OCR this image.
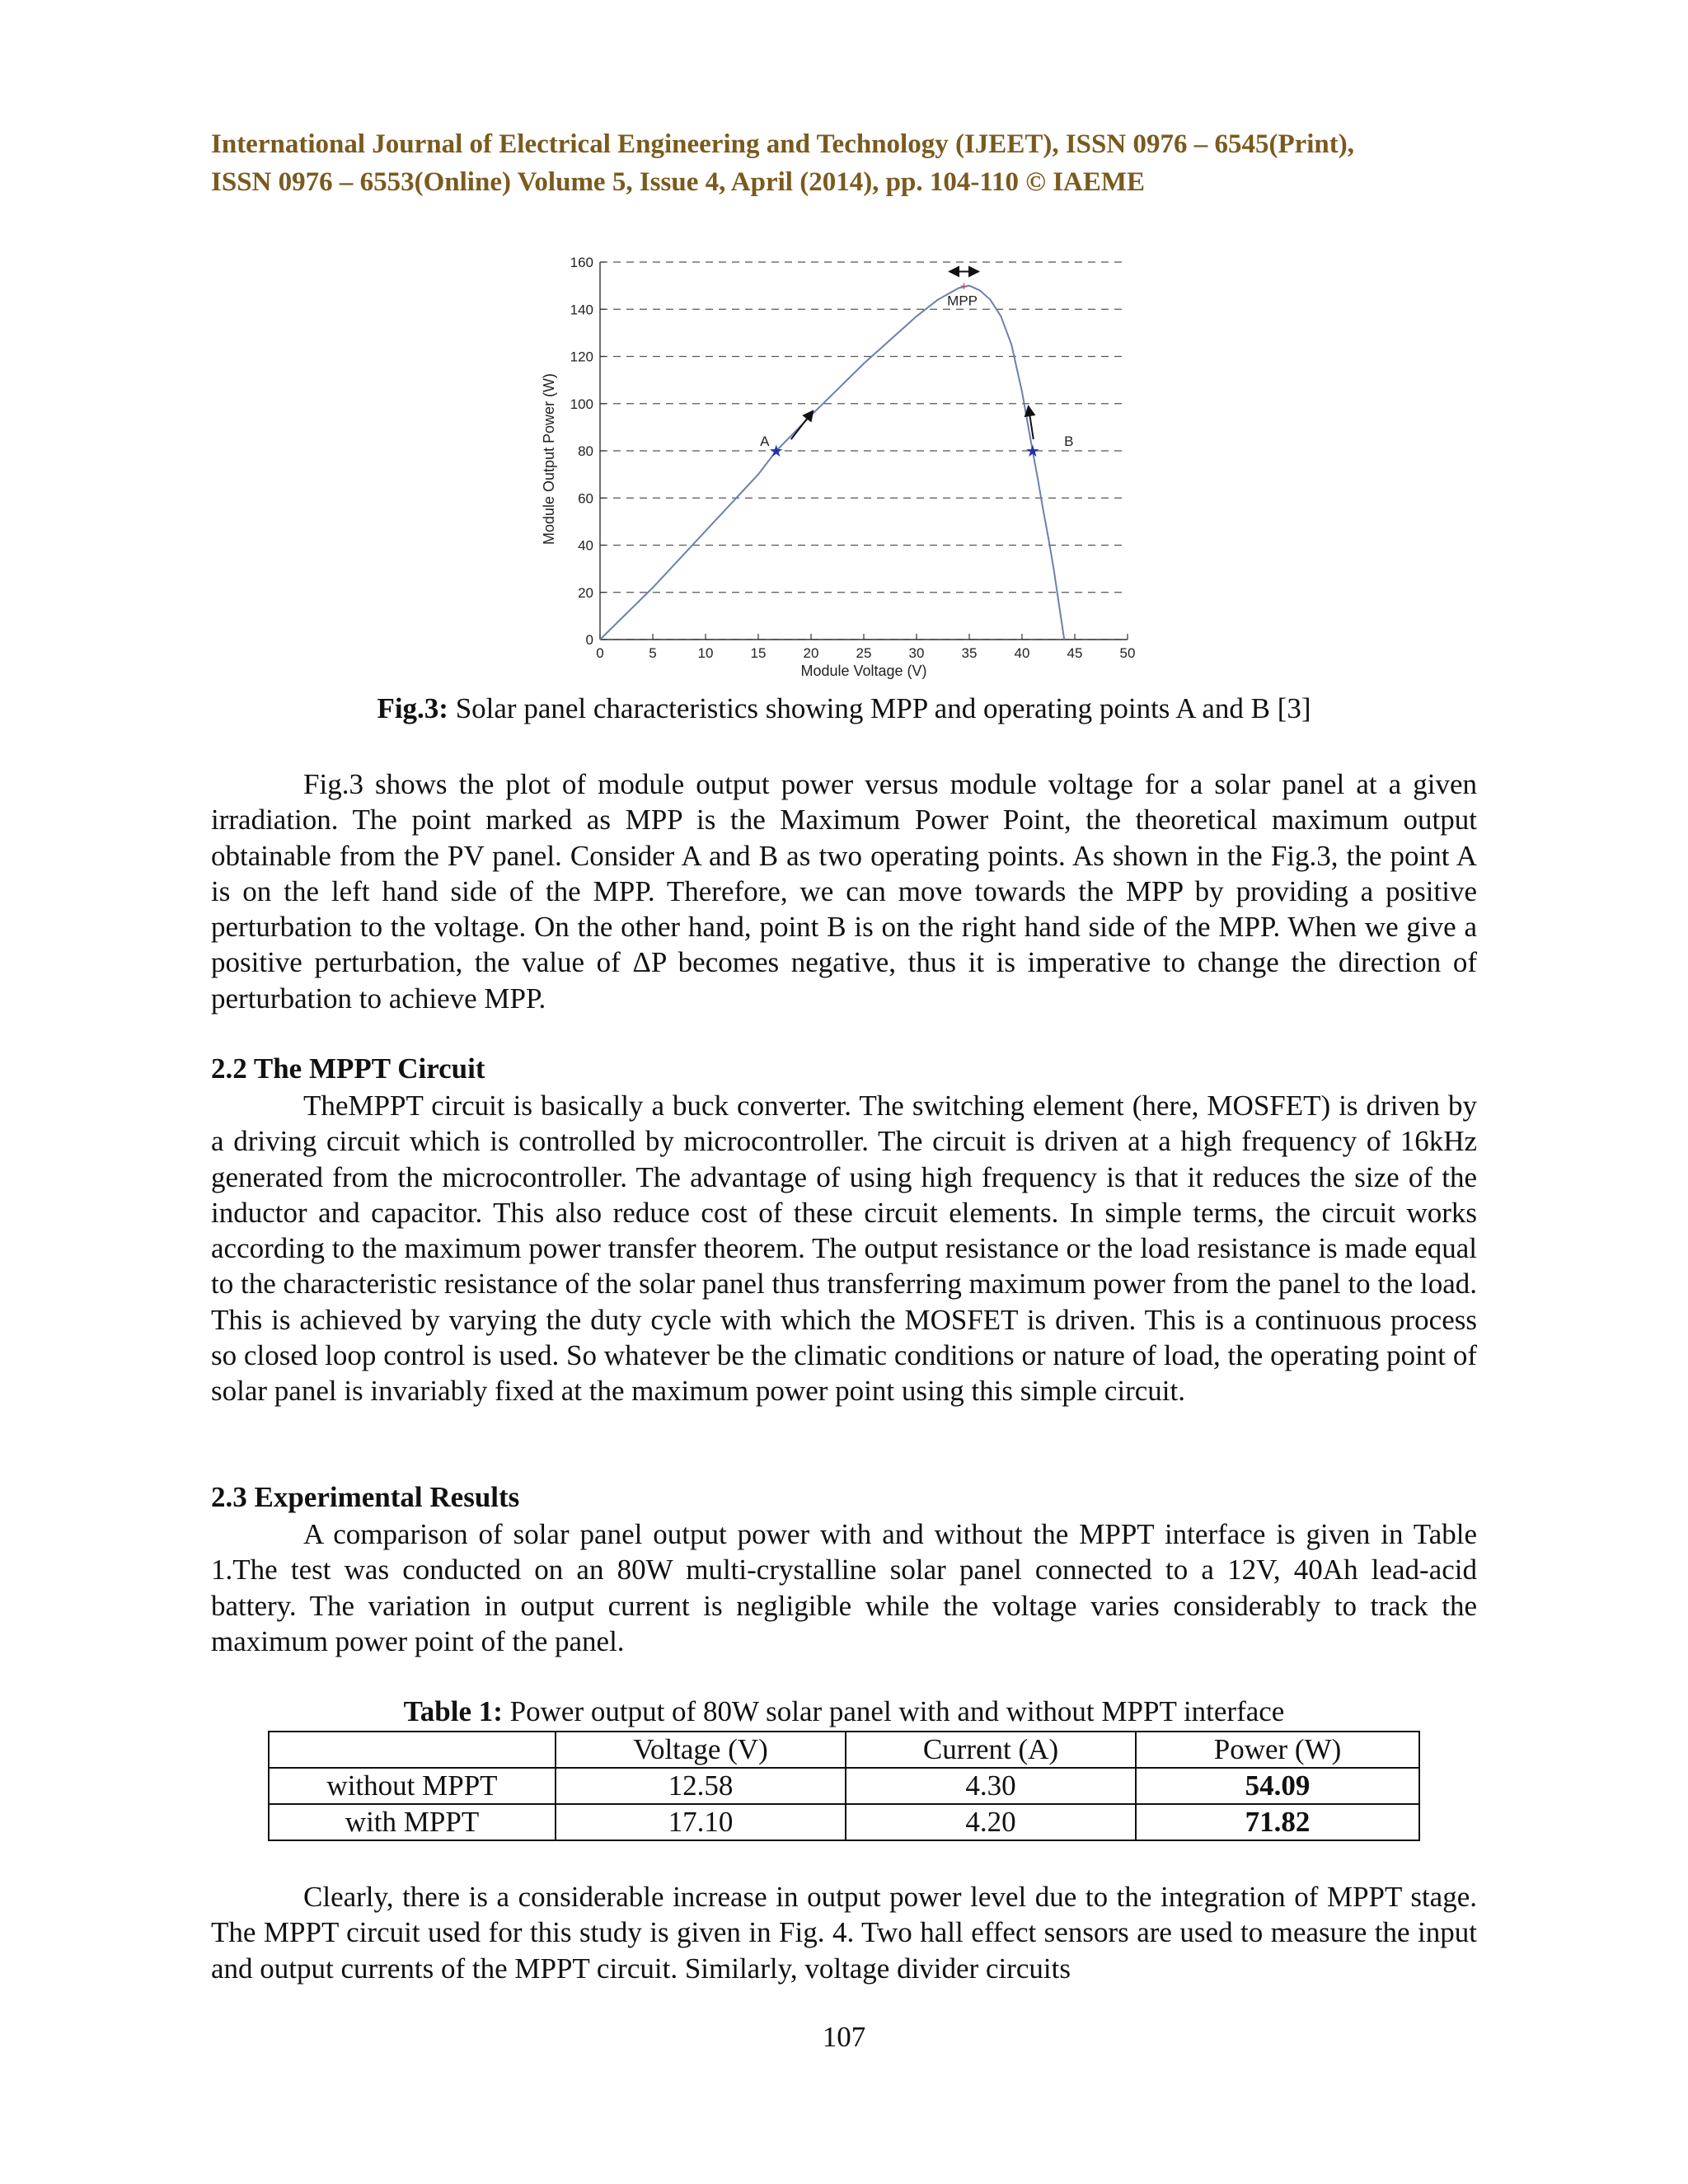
International Journal of Electrical Engineering and Technology (IJEET), ISSN 0976 – 6545(Print),
ISSN 0976 – 6553(Online) Volume 5, Issue 4, April (2014), pp. 104-110 © IAEME
0
20
40
60
80
100
120
140
160
0	5	10	15	20	25	30	35	40	45	50
Module Voltage (V)
Module Output Power (W)	★
A
★
B
+
MPP
Fig.3: Solar panel characteristics showing MPP and operating points A and B [3]

Fig.3 shows the plot of module output power versus module voltage for a solar panel at a given irradiation. The point marked as MPP is the Maximum Power Point, the theoretical maximum output obtainable from the PV panel. Consider A and B as two operating points. As shown in the Fig.3, the point A is on the left hand side of the MPP. Therefore, we can move towards the MPP by providing a positive perturbation to the voltage. On the other hand, point B is on the right hand side of the MPP. When we give a positive perturbation, the value of ΔP becomes negative, thus it is imperative to change the direction of perturbation to achieve MPP.

2.2 The MPPT Circuit

TheMPPT circuit is basically a buck converter. The switching element (here, MOSFET) is driven by a driving circuit which is controlled by microcontroller. The circuit is driven at a high frequency of 16kHz generated from the microcontroller. The advantage of using high frequency is that it reduces the size of the inductor and capacitor. This also reduce cost of these circuit elements. In simple terms, the circuit works according to the maximum power transfer theorem. The output resistance or the load resistance is made equal to the characteristic resistance of the solar panel thus transferring maximum power from the panel to the load. This is achieved by varying the duty cycle with which the MOSFET is driven. This is a continuous process so closed loop control is used. So whatever be the climatic conditions or nature of load, the operating point of solar panel is invariably fixed at the maximum power point using this simple circuit.

2.3 Experimental Results

A comparison of solar panel output power with and without the MPPT interface is given in Table 1.The test was conducted on an 80W multi-crystalline solar panel connected to a 12V, 40Ah lead-acid battery. The variation in output current is negligible while the voltage varies considerably to track the maximum power point of the panel.

Table 1: Power output of 80W solar panel with and without MPPT interface
	Voltage (V)	Current (A)	Power (W)
without MPPT	12.58	4.30	54.09
with MPPT	17.10	4.20	71.82

Clearly, there is a considerable increase in output power level due to the integration of MPPT stage. The MPPT circuit used for this study is given in Fig. 4. Two hall effect sensors are used to measure the input and output currents of the MPPT circuit. Similarly, voltage divider circuits

107
